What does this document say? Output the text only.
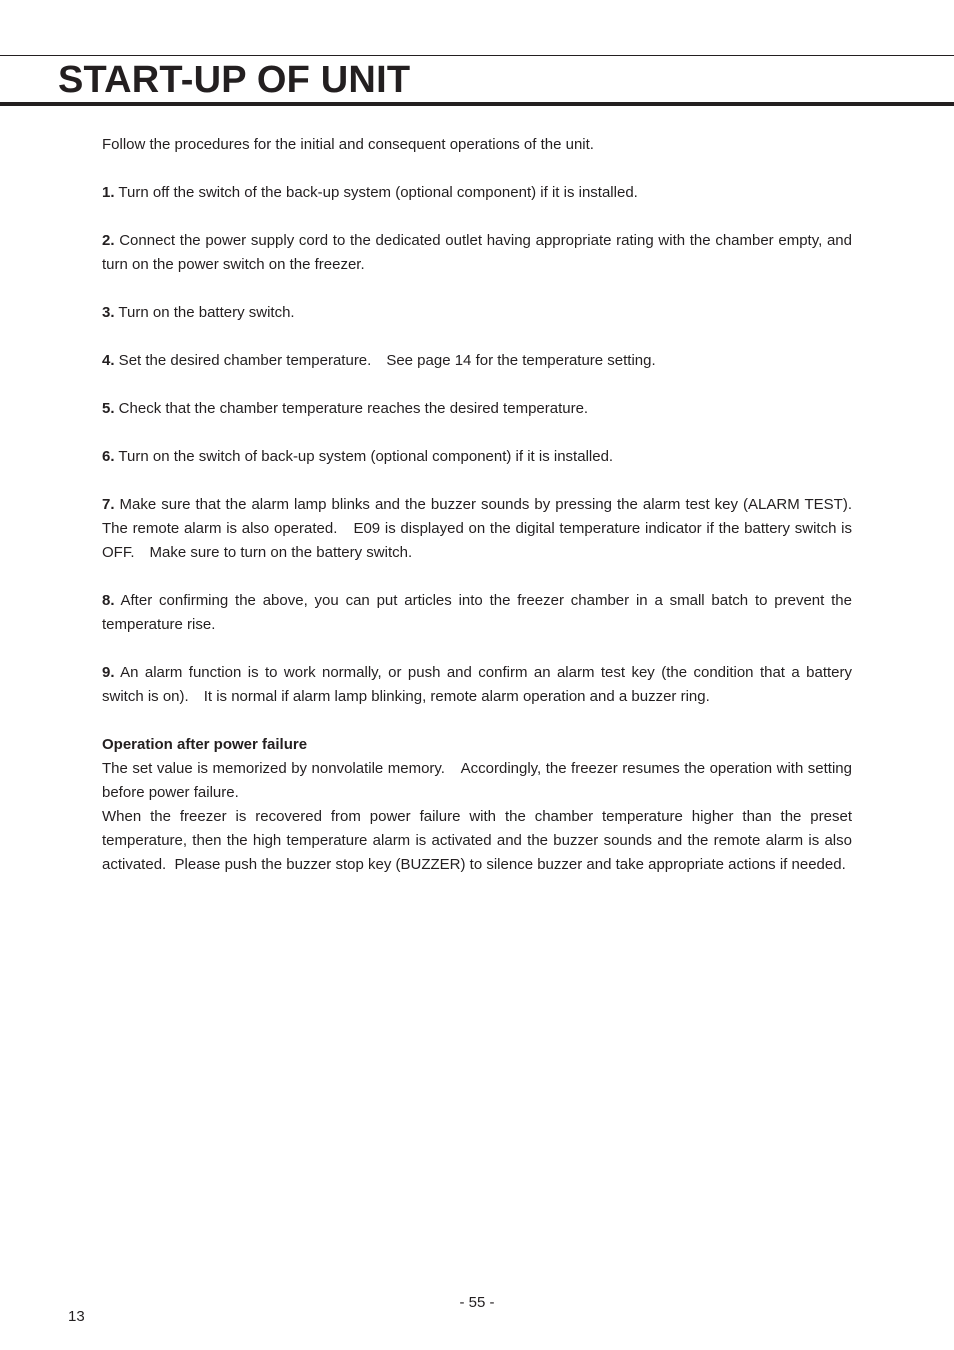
START-UP OF UNIT

Follow the procedures for the initial and consequent operations of the unit.

1. Turn off the switch of the back-up system (optional component) if it is installed.

2. Connect the power supply cord to the dedicated outlet having appropriate rating with the chamber empty, and turn on the power switch on the freezer.

3. Turn on the battery switch.

4. Set the desired chamber temperature.　See page 14 for the temperature setting.

5. Check that the chamber temperature reaches the desired temperature.

6. Turn on the switch of back-up system (optional component) if it is installed.

7. Make sure that the alarm lamp blinks and the buzzer sounds by pressing the alarm test key (ALARM TEST).　The remote alarm is also operated.　E09 is displayed on the digital temperature indicator if the battery switch is OFF.　Make sure to turn on the battery switch.

8. After confirming the above, you can put articles into the freezer chamber in a small batch to prevent the temperature rise.

9. An alarm function is to work normally, or push and confirm an alarm test key (the condition that a battery switch is on).　It is normal if alarm lamp blinking, remote alarm operation and a buzzer ring.

Operation after power failure

The set value is memorized by nonvolatile memory.　Accordingly, the freezer resumes the operation with setting before power failure.

When the freezer is recovered from power failure with the chamber temperature higher than the preset temperature, then the high temperature alarm is activated and the buzzer sounds and the remote alarm is also activated.  Please push the buzzer stop key (BUZZER) to silence buzzer and take appropriate actions if needed.

- 55 -
13
